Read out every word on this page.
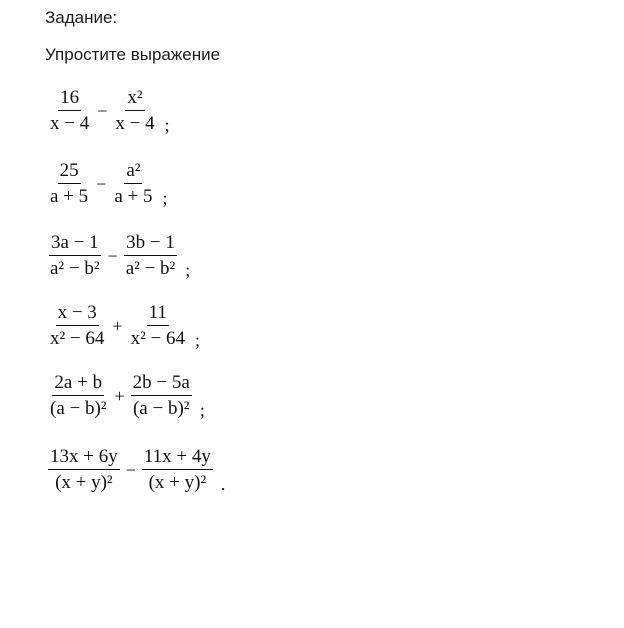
Задание:
Упростите выражение
$\frac{16}{x - 4} - \frac{\text{x²}}{x - 4}$ ;
$\frac{25}{a + 5} - \frac{\text{a²}}{a + 5}$ ;
$\frac{3a - 1}{\text{a² − b²}} - \frac{3b - 1}{\text{a² − b²}}$ ;
$\frac{x - 3}{\text{x² − 64}} + \frac{11}{\text{x² − 64}}$ ;
$\frac{2a + b}{\text{(a − b)²}} + \frac{2b - 5a}{\text{(a − b)²}}$ ;
$\frac{13x + 6y}{\text{(x + y)²}} - \frac{11x + 4y}{\text{(x + y)²}}$ .
